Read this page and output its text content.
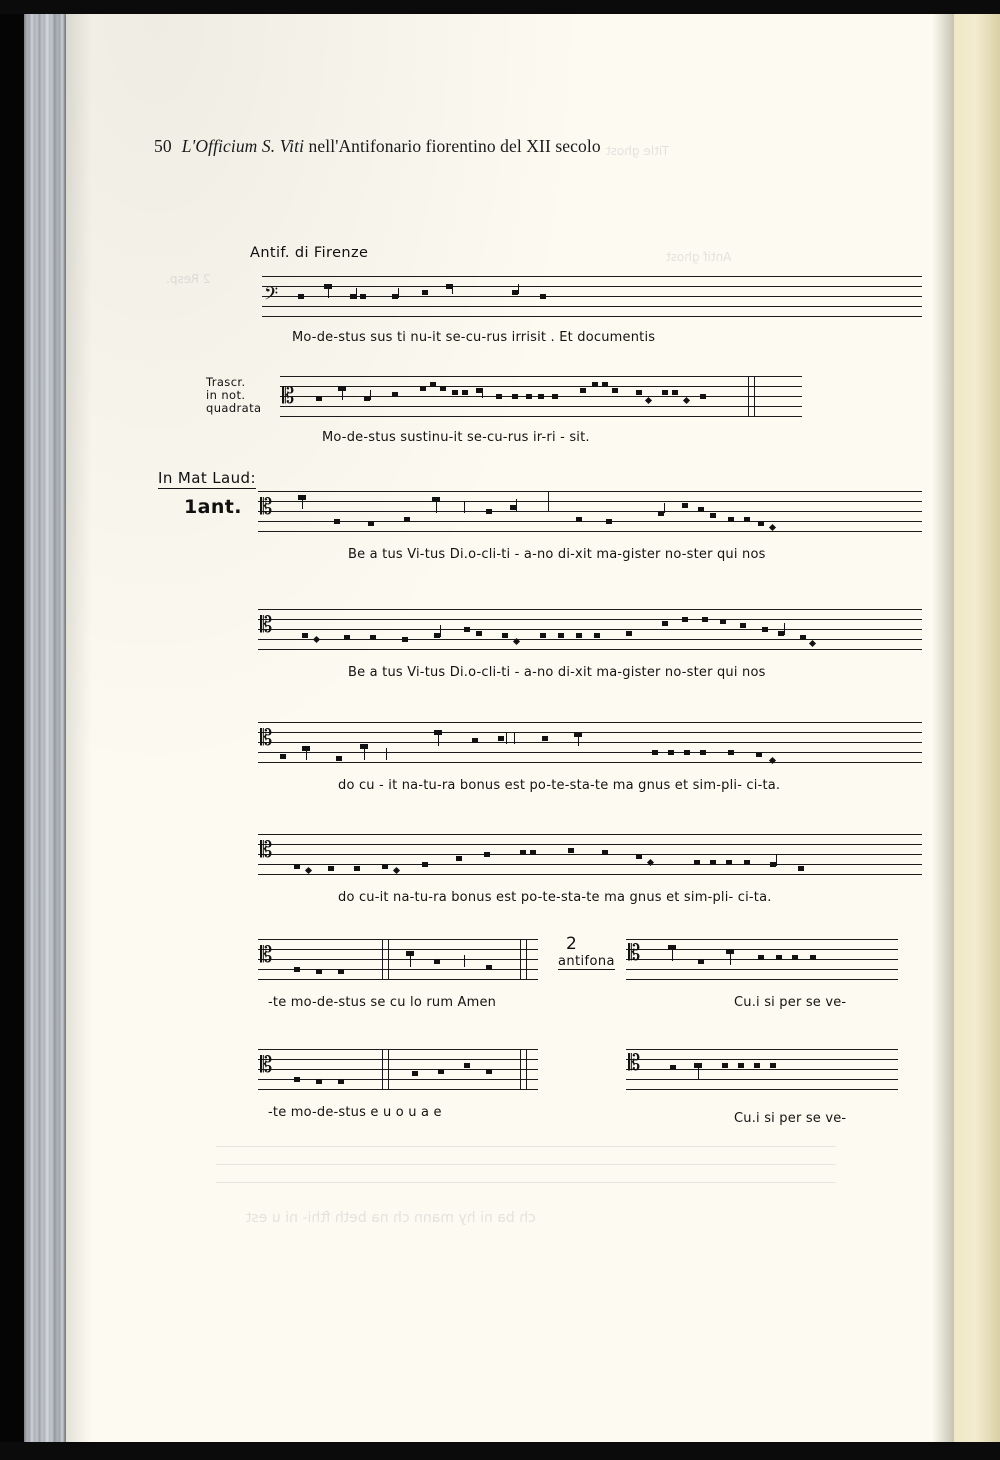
Title ghost
Antif ghost
2 Resp.
ch ba ni hy mann ch na beth fthi- ni u est
50 L'Officium S. Viti nell'Antifonario fiorentino del XII secolo
Antif. di Firenze
𝄢
Mo-de-stus sus ti nu-it se-cu-rus irrisit . Et documentis
Trascr.
in not.
quadrata 𝄡
Mo-de-stus sustinu-it se-cu-rus ir-ri - sit.
In Mat Laud:
1ant. 𝄡
Be a tus Vi-tus Di.o-cli-ti - a-no di-xit ma-gister no-ster qui nos
𝄡
Be a tus Vi-tus Di.o-cli-ti - a-no di-xit ma-gister no-ster qui nos
𝄡
do cu - it na-tu-ra bonus est po-te-sta-te ma gnus et sim-pli- ci-ta.
𝄡
do cu-it na-tu-ra bonus est po-te-sta-te ma gnus et sim-pli- ci-ta.
𝄡
-te mo-de-stus se cu lo rum Amen
2
antifona 𝄡
Cu.i si per se ve-
𝄡
-te mo-de-stus e u o u a e
𝄡
Cu.i si per se ve-
